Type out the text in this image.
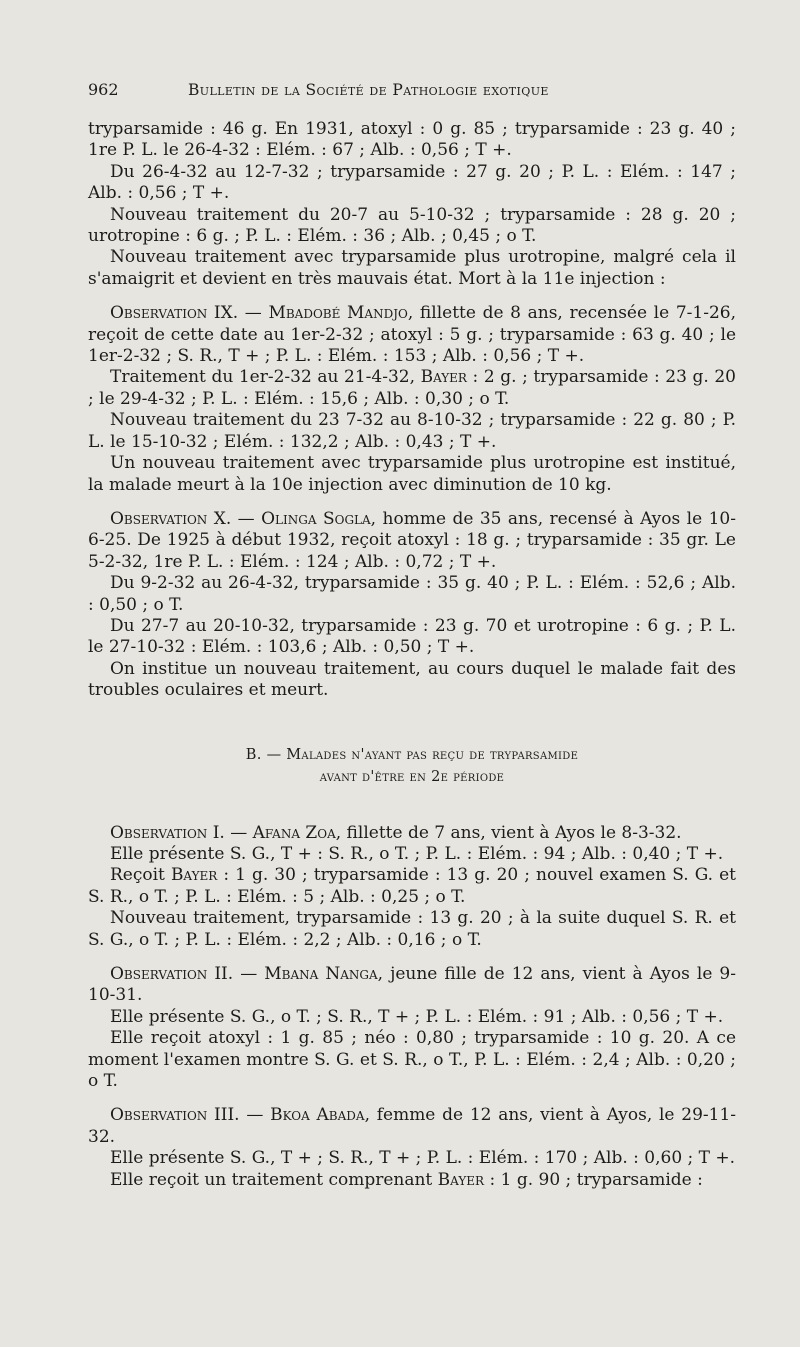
962	Bulletin de la Société de Pathologie exotique

tryparsamide : 46 g. En 1931, atoxyl : 0 g. 85 ; tryparsamide : 23 g. 40 ; 1re P. L. le 26-4-32 : Elém. : 67 ; Alb. : 0,56 ; T +.

Du 26-4-32 au 12-7-32 ; tryparsamide : 27 g. 20 ; P. L. : Elém. : 147 ; Alb. : 0,56 ; T +.

Nouveau traitement du 20-7 au 5-10-32 ; tryparsamide : 28 g. 20 ; urotropine : 6 g. ; P. L. : Elém. : 36 ; Alb. ; 0,45 ; o T.

Nouveau traitement avec tryparsamide plus urotropine, malgré cela il s'amaigrit et devient en très mauvais état. Mort à la 11e injection :

Observation IX. — Mbadobé Mandjo, fillette de 8 ans, recensée le 7-1-26, reçoit de cette date au 1er-2-32 ; atoxyl : 5 g. ; tryparsamide : 63 g. 40 ; le 1er-2-32 ; S. R., T + ; P. L. : Elém. : 153 ; Alb. : 0,56 ; T +.

Traitement du 1er-2-32 au 21-4-32, Bayer : 2 g. ; tryparsamide : 23 g. 20 ; le 29-4-32 ; P. L. : Elém. : 15,6 ; Alb. : 0,30 ; o T.

Nouveau traitement du 23 7-32 au 8-10-32 ; tryparsamide : 22 g. 80 ; P. L. le 15-10-32 ; Elém. : 132,2 ; Alb. : 0,43 ; T +.

Un nouveau traitement avec tryparsamide plus urotropine est institué, la malade meurt à la 10e injection avec diminution de 10 kg.

Observation X. — Olinga Sogla, homme de 35 ans, recensé à Ayos le 10-6-25. De 1925 à début 1932, reçoit atoxyl : 18 g. ; tryparsamide : 35 gr. Le 5-2-32, 1re P. L. : Elém. : 124 ; Alb. : 0,72 ; T +.

Du 9-2-32 au 26-4-32, tryparsamide : 35 g. 40 ; P. L. : Elém. : 52,6 ; Alb. : 0,50 ; o T.

Du 27-7 au 20-10-32, tryparsamide : 23 g. 70 et urotropine : 6 g. ; P. L. le 27-10-32 : Elém. : 103,6 ; Alb. : 0,50 ; T +.

On institue un nouveau traitement, au cours duquel le malade fait des troubles oculaires et meurt.

B. — Malades n'ayant pas reçu de tryparsamide
avant d'être en 2e période

Observation I. — Afana Zoa, fillette de 7 ans, vient à Ayos le 8-3-32.

Elle présente S. G., T + : S. R., o T. ; P. L. : Elém. : 94 ; Alb. : 0,40 ; T +.

Reçoit Bayer : 1 g. 30 ; tryparsamide : 13 g. 20 ; nouvel examen S. G. et S. R., o T. ; P. L. : Elém. : 5 ; Alb. : 0,25 ; o T.

Nouveau traitement, tryparsamide : 13 g. 20 ; à la suite duquel S. R. et S. G., o T. ; P. L. : Elém. : 2,2 ; Alb. : 0,16 ; o T.

Observation II. — Mbana Nanga, jeune fille de 12 ans, vient à Ayos le 9-10-31.

Elle présente S. G., o T. ; S. R., T + ; P. L. : Elém. : 91 ; Alb. : 0,56 ; T +.

Elle reçoit atoxyl : 1 g. 85 ; néo : 0,80 ; tryparsamide : 10 g. 20. A ce moment l'examen montre S. G. et S. R., o T., P. L. : Elém. : 2,4 ; Alb. : 0,20 ; o T.

Observation III. — Bkoa Abada, femme de 12 ans, vient à Ayos, le 29-11-32.

Elle présente S. G., T + ; S. R., T + ; P. L. : Elém. : 170 ; Alb. : 0,60 ; T +.

Elle reçoit un traitement comprenant Bayer : 1 g. 90 ; tryparsamide :
